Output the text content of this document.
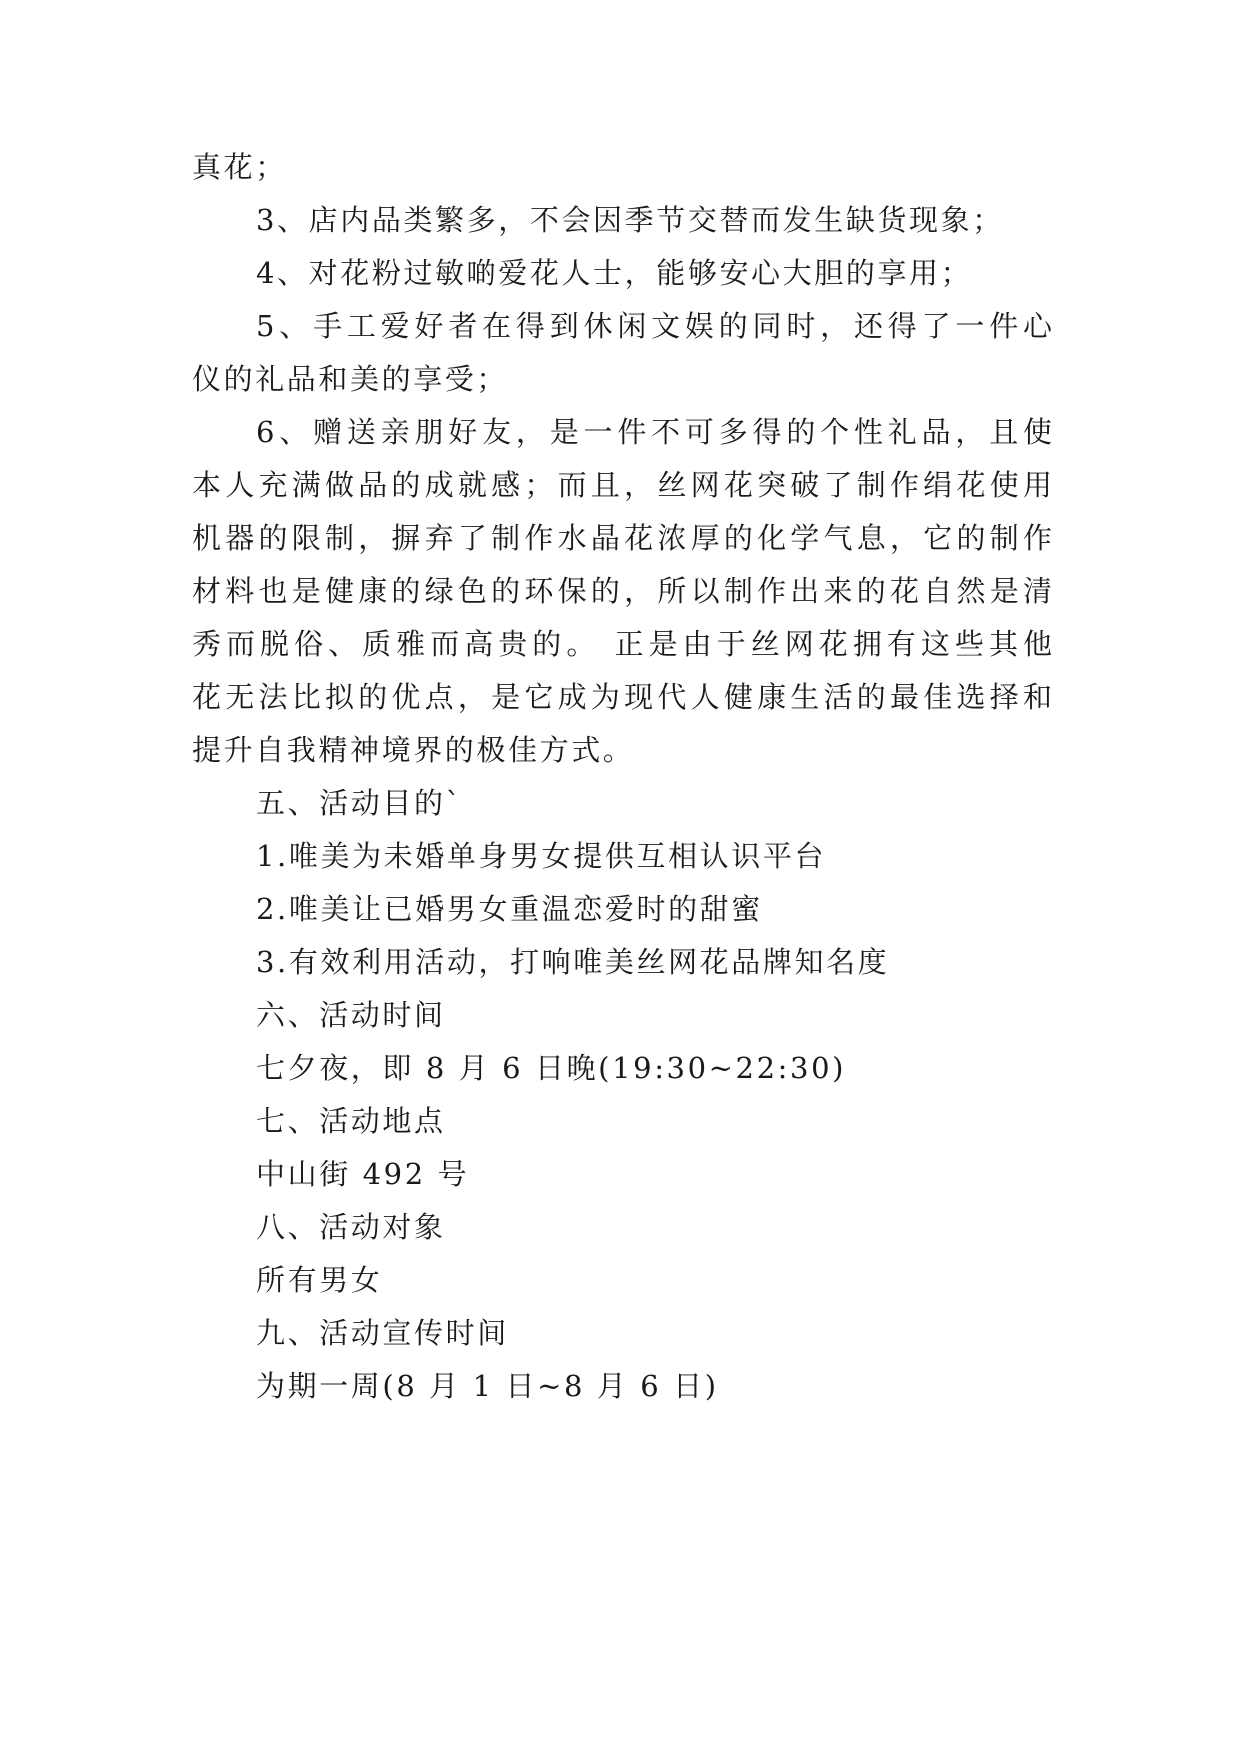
真花；
3、店内品类繁多，不会因季节交替而发生缺货现象；
4、对花粉过敏啲爱花人士，能够安心大胆的享用；
5、手工爱好者在得到休闲文娱的同时，还得了一件心
仪的礼品和美的享受；
6、赠送亲朋好友，是一件不可多得的个性礼品，且使
本人充满做品的成就感；而且，丝网花突破了制作绢花使用
机器的限制，摒弃了制作水晶花浓厚的化学气息，它的制作
材料也是健康的绿色的环保的，所以制作出来的花自然是清
秀而脱俗、质雅而高贵的。 正是由于丝网花拥有这些其他
花无法比拟的优点，是它成为现代人健康生活的最佳选择和
提升自我精神境界的极佳方式。
五、活动目的`
1.唯美为未婚单身男女提供互相认识平台
2.唯美让已婚男女重温恋爱时的甜蜜
3.有效利用活动，打响唯美丝网花品牌知名度
六、活动时间
七夕夜，即 8 月 6 日晚(19:30~22:30)
七、活动地点
中山街 492 号
八、活动对象
所有男女
九、活动宣传时间
为期一周(8 月 1 日~8 月 6 日)
